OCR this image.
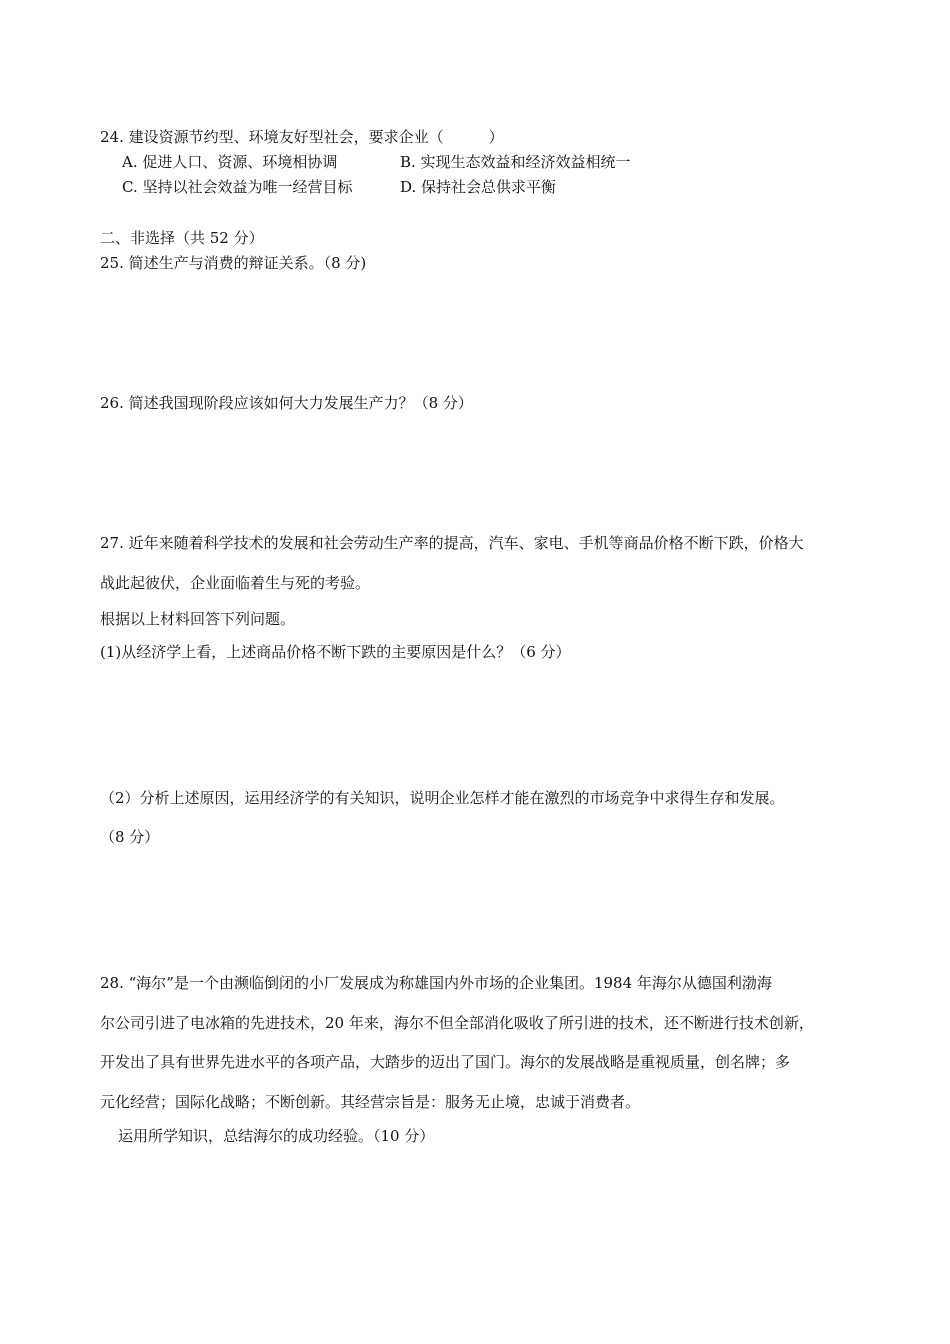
24. 建设资源节约型、环境友好型社会，要求企业（　　　）
A. 促进人口、资源、环境相协调	B. 实现生态效益和经济效益相统一
C. 坚持以社会效益为唯一经营目标	D. 保持社会总供求平衡
二、非选择（共 52 分）
25. 简述生产与消费的辩证关系。（8 分)
26. 简述我国现阶段应该如何大力发展生产力？（8 分）
27. 近年来随着科学技术的发展和社会劳动生产率的提高，汽车、家电、手机等商品价格不断下跌，价格大
战此起彼伏，企业面临着生与死的考验。
根据以上材料回答下列问题。
(1)从经济学上看，上述商品价格不断下跌的主要原因是什么？（6 分）
（2）分析上述原因，运用经济学的有关知识，说明企业怎样才能在激烈的市场竞争中求得生存和发展。
（8 分）
28. “海尔”是一个由濒临倒闭的小厂发展成为称雄国内外市场的企业集团。1984 年海尔从德国利渤海
尔公司引进了电冰箱的先进技术，20 年来，海尔不但全部消化吸收了所引进的技术，还不断进行技术创新，
开发出了具有世界先进水平的各项产品，大踏步的迈出了国门。海尔的发展战略是重视质量，创名牌；多
元化经营；国际化战略；不断创新。其经营宗旨是：服务无止境，忠诚于消费者。
运用所学知识，总结海尔的成功经验。（10 分）
